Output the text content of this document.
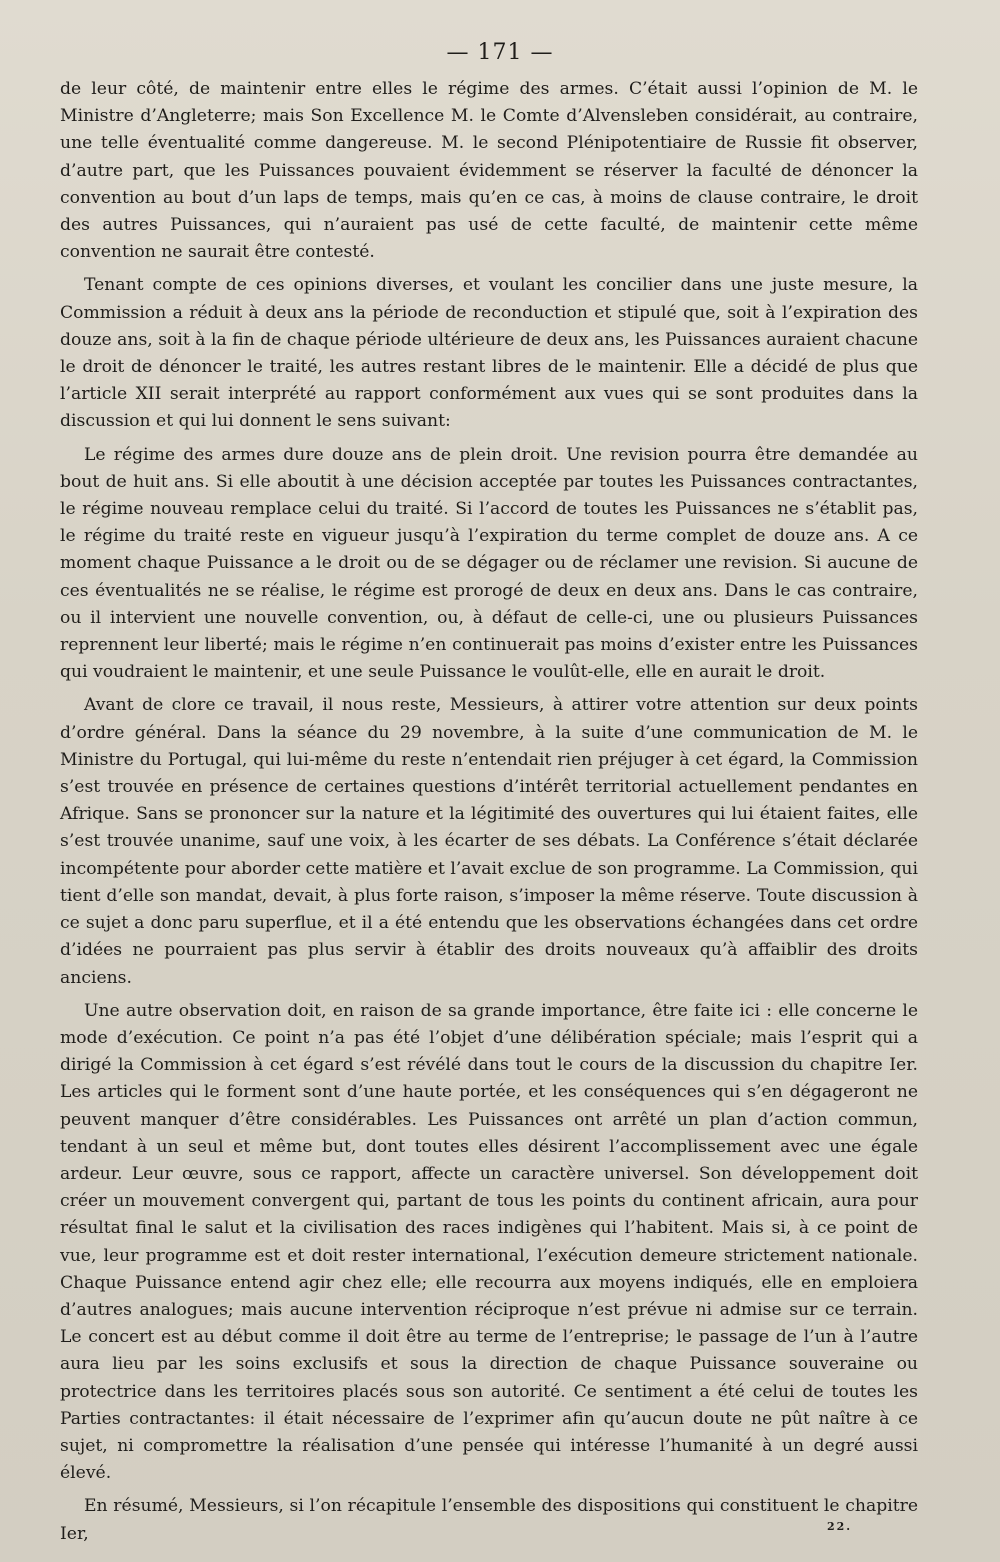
— 171 —

de leur côté, de maintenir entre elles le régime des armes. C’était aussi l’opinion de M. le Ministre d’Angleterre; mais Son Excellence M. le Comte d’Alvensleben considérait, au contraire, une telle éventualité comme dangereuse. M. le second Plénipotentiaire de Russie fit observer, d’autre part, que les Puissances pouvaient évidemment se réserver la faculté de dénoncer la convention au bout d’un laps de temps, mais qu’en ce cas, à moins de clause contraire, le droit des autres Puissances, qui n’auraient pas usé de cette faculté, de maintenir cette même convention ne saurait être contesté.

Tenant compte de ces opinions diverses, et voulant les concilier dans une juste mesure, la Commission a réduit à deux ans la période de reconduction et stipulé que, soit à l’expiration des douze ans, soit à la fin de chaque période ultérieure de deux ans, les Puissances auraient chacune le droit de dénoncer le traité, les autres restant libres de le maintenir. Elle a décidé de plus que l’article XII serait interprété au rapport conformément aux vues qui se sont produites dans la discussion et qui lui donnent le sens suivant:

Le régime des armes dure douze ans de plein droit. Une revision pourra être demandée au bout de huit ans. Si elle aboutit à une décision acceptée par toutes les Puissances contractantes, le régime nouveau remplace celui du traité. Si l’accord de toutes les Puissances ne s’établit pas, le régime du traité reste en vigueur jusqu’à l’expiration du terme complet de douze ans. A ce moment chaque Puissance a le droit ou de se dégager ou de réclamer une revision. Si aucune de ces éventualités ne se réalise, le régime est prorogé de deux en deux ans. Dans le cas contraire, ou il intervient une nouvelle convention, ou, à défaut de celle-ci, une ou plusieurs Puissances reprennent leur liberté; mais le régime n’en continuerait pas moins d’exister entre les Puissances qui voudraient le maintenir, et une seule Puissance le voulût-elle, elle en aurait le droit.

Avant de clore ce travail, il nous reste, Messieurs, à attirer votre attention sur deux points d’ordre général. Dans la séance du 29 novembre, à la suite d’une communication de M. le Ministre du Portugal, qui lui-même du reste n’entendait rien préjuger à cet égard, la Commission s’est trouvée en présence de certaines questions d’intérêt territorial actuellement pendantes en Afrique. Sans se prononcer sur la nature et la légitimité des ouvertures qui lui étaient faites, elle s’est trouvée unanime, sauf une voix, à les écarter de ses débats. La Conférence s’était déclarée incompétente pour aborder cette matière et l’avait exclue de son programme. La Commission, qui tient d’elle son mandat, devait, à plus forte raison, s’imposer la même réserve. Toute discussion à ce sujet a donc paru superflue, et il a été entendu que les observations échangées dans cet ordre d’idées ne pourraient pas plus servir à établir des droits nouveaux qu’à affaiblir des droits anciens.

Une autre observation doit, en raison de sa grande importance, être faite ici : elle concerne le mode d’exécution. Ce point n’a pas été l’objet d’une délibération spéciale; mais l’esprit qui a dirigé la Commission à cet égard s’est révélé dans tout le cours de la discussion du chapitre Ier. Les articles qui le forment sont d’une haute portée, et les conséquences qui s’en dégageront ne peuvent manquer d’être considérables. Les Puissances ont arrêté un plan d’action commun, tendant à un seul et même but, dont toutes elles désirent l’accomplissement avec une égale ardeur. Leur œuvre, sous ce rapport, affecte un caractère universel. Son développement doit créer un mouvement convergent qui, partant de tous les points du continent africain, aura pour résultat final le salut et la civilisation des races indigènes qui l’habitent. Mais si, à ce point de vue, leur programme est et doit rester international, l’exécution demeure strictement nationale. Chaque Puissance entend agir chez elle; elle recourra aux moyens indiqués, elle en emploiera d’autres analogues; mais aucune intervention réciproque n’est prévue ni admise sur ce terrain. Le concert est au début comme il doit être au terme de l’entreprise; le passage de l’un à l’autre aura lieu par les soins exclusifs et sous la direction de chaque Puissance souveraine ou protectrice dans les territoires placés sous son autorité. Ce sentiment a été celui de toutes les Parties contractantes: il était nécessaire de l’exprimer afin qu’aucun doute ne pût naître à ce sujet, ni compromettre la réalisation d’une pensée qui intéresse l’humanité à un degré aussi élevé.

En résumé, Messieurs, si l’on récapitule l’ensemble des dispositions qui constituent le chapitre Ier,	22.
